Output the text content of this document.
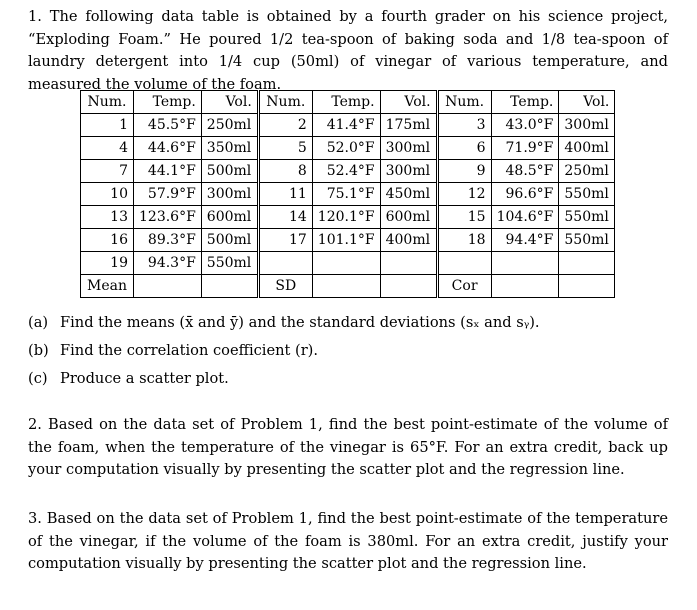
1. The following data table is obtained by a fourth grader on his science project, “Exploding Foam.” He poured 1/2 tea-spoon of baking soda and 1/8 tea-spoon of laundry detergent into 1/4 cup (50ml) of vinegar of various temperature, and measured the volume of the foam.

Num.	Temp.	Vol.	Num.	Temp.	Vol.	Num.	Temp.	Vol.
1	45.5°F	250ml	2	41.4°F	175ml	3	43.0°F	300ml
4	44.6°F	350ml	5	52.0°F	300ml	6	71.9°F	400ml
7	44.1°F	500ml	8	52.4°F	300ml	9	48.5°F	250ml
10	57.9°F	300ml	11	75.1°F	450ml	12	96.6°F	550ml
13	123.6°F	600ml	14	120.1°F	600ml	15	104.6°F	550ml
16	89.3°F	500ml	17	101.1°F	400ml	18	94.4°F	550ml
19	94.3°F	550ml						
Mean			SD			Cor		

(a) Find the means (x̄ and ȳ) and the standard deviations (sₓ and sᵧ).

(b) Find the correlation coefficient (r).

(c) Produce a scatter plot.

2. Based on the data set of Problem 1, find the best point-estimate of the volume of the foam, when the temperature of the vinegar is 65°F. For an extra credit, back up your computation visually by presenting the scatter plot and the regression line.

3. Based on the data set of Problem 1, find the best point-estimate of the temperature of the vinegar, if the volume of the foam is 380ml. For an extra credit, justify your computation visually by presenting the scatter plot and the regression line.
